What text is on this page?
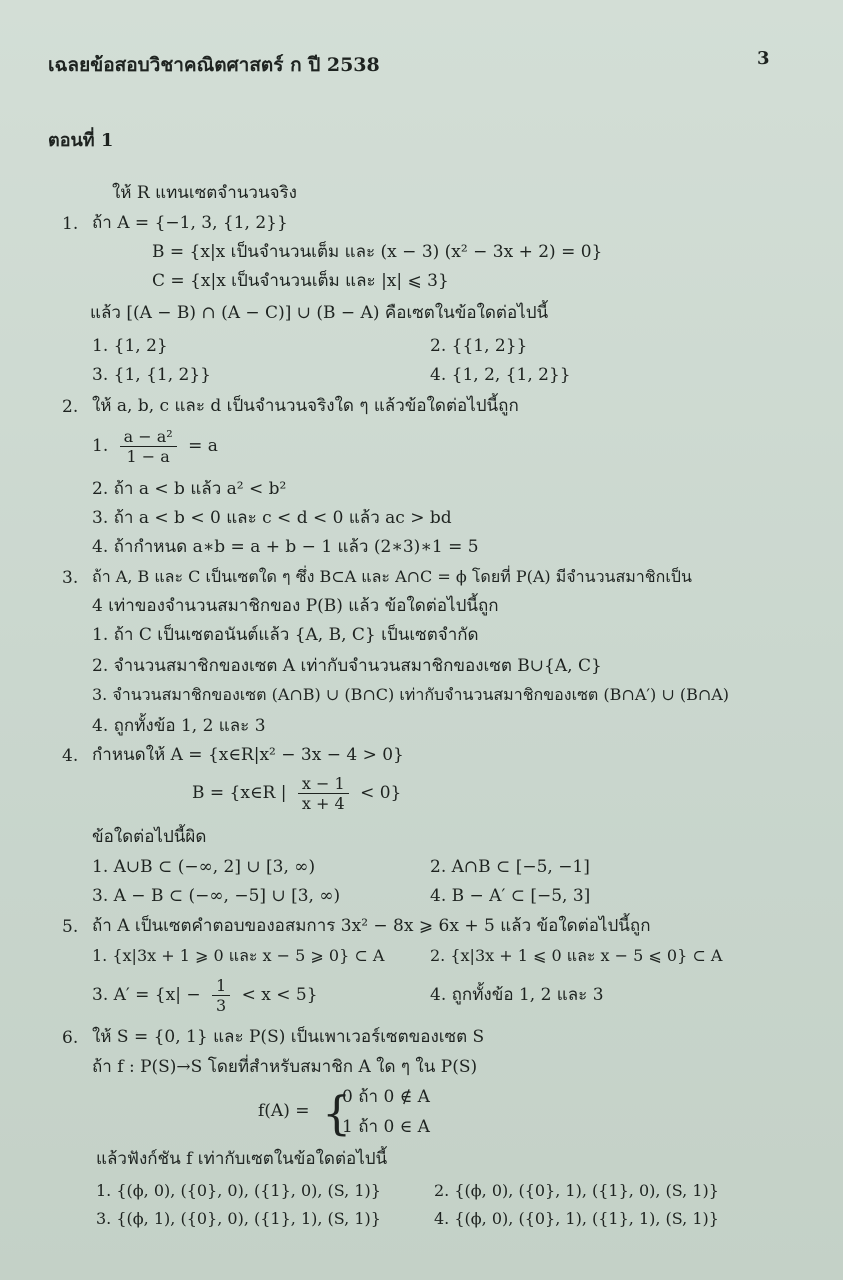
เฉลยข้อสอบวิชาคณิตศาสตร์ ก ปี 2538	3
ตอนที่ 1
ให้ R แทนเซตจำนวนจริง
1. ถ้า A = {−1, 3, {1, 2}}
B = {x|x เป็นจำนวนเต็ม และ (x − 3) (x² − 3x + 2) = 0}
C = {x|x เป็นจำนวนเต็ม และ |x| ⩽ 3}
แล้ว [(A − B) ∩ (A − C)] ∪ (B − A) คือเซตในข้อใดต่อไปนี้
1. {1, 2}	2. {{1, 2}}
3. {1, {1, 2}}	4. {1, 2, {1, 2}}
2. ให้ a, b, c และ d เป็นจำนวนจริงใด ๆ แล้วข้อใดต่อไปนี้ถูก
1. $\frac{\text{a − a²}}{1 - a} = a$
2. ถ้า a < b แล้ว a² < b²
3. ถ้า a < b < 0 และ c < d < 0 แล้ว ac > bd
4. ถ้ากำหนด a∗b = a + b − 1 แล้ว (2∗3)∗1 = 5
3. ถ้า A, B และ C เป็นเซตใด ๆ ซึ่ง B⊂A และ A∩C = ϕ โดยที่ P(A) มีจำนวนสมาชิกเป็น
4 เท่าของจำนวนสมาชิกของ P(B) แล้ว ข้อใดต่อไปนี้ถูก
1. ถ้า C เป็นเซตอนันต์แล้ว {A, B, C} เป็นเซตจำกัด
2. จำนวนสมาชิกของเซต A เท่ากับจำนวนสมาชิกของเซต B∪{A, C}
3. จำนวนสมาชิกของเซต (A∩B) ∪ (B∩C) เท่ากับจำนวนสมาชิกของเซต (B∩A′) ∪ (B∩A)
4. ถูกทั้งข้อ 1, 2 และ 3
4. กำหนดให้ A = {x∈R|x² − 3x − 4 > 0}
B = {x∈R | $\frac{x - 1}{x + 4} < 0$}
ข้อใดต่อไปนี้ผิด
1. A∪B ⊂ (−∞, 2] ∪ [3, ∞)	2. A∩B ⊂ [−5, −1]
3. A − B ⊂ (−∞, −5] ∪ [3, ∞)	4. B − A′ ⊂ [−5, 3]
5. ถ้า A เป็นเซตคำตอบของอสมการ 3x² − 8x ⩾ 6x + 5 แล้ว ข้อใดต่อไปนี้ถูก
1. {x|3x + 1 ⩾ 0 และ x − 5 ⩾ 0} ⊂ A	2. {x|3x + 1 ⩽ 0 และ x − 5 ⩽ 0} ⊂ A
3. $A' = \{x| - \frac{1}{3} < x < 5\}$	4. ถูกทั้งข้อ 1, 2 และ 3
6. ให้ S = {0, 1} และ P(S) เป็นเพาเวอร์เซตของเซต S
ถ้า f : P(S)→S โดยที่สำหรับสมาชิก A ใด ๆ ใน P(S)
f(A) = {
0 ถ้า 0 ∉ A
1 ถ้า 0 ∈ A
แล้วฟังก์ชัน f เท่ากับเซตในข้อใดต่อไปนี้
1. {(ϕ, 0), ({0}, 0), ({1}, 0), (S, 1)}	2. {(ϕ, 0), ({0}, 1), ({1}, 0), (S, 1)}
3. {(ϕ, 1), ({0}, 0), ({1}, 1), (S, 1)}	4. {(ϕ, 0), ({0}, 1), ({1}, 1), (S, 1)}
